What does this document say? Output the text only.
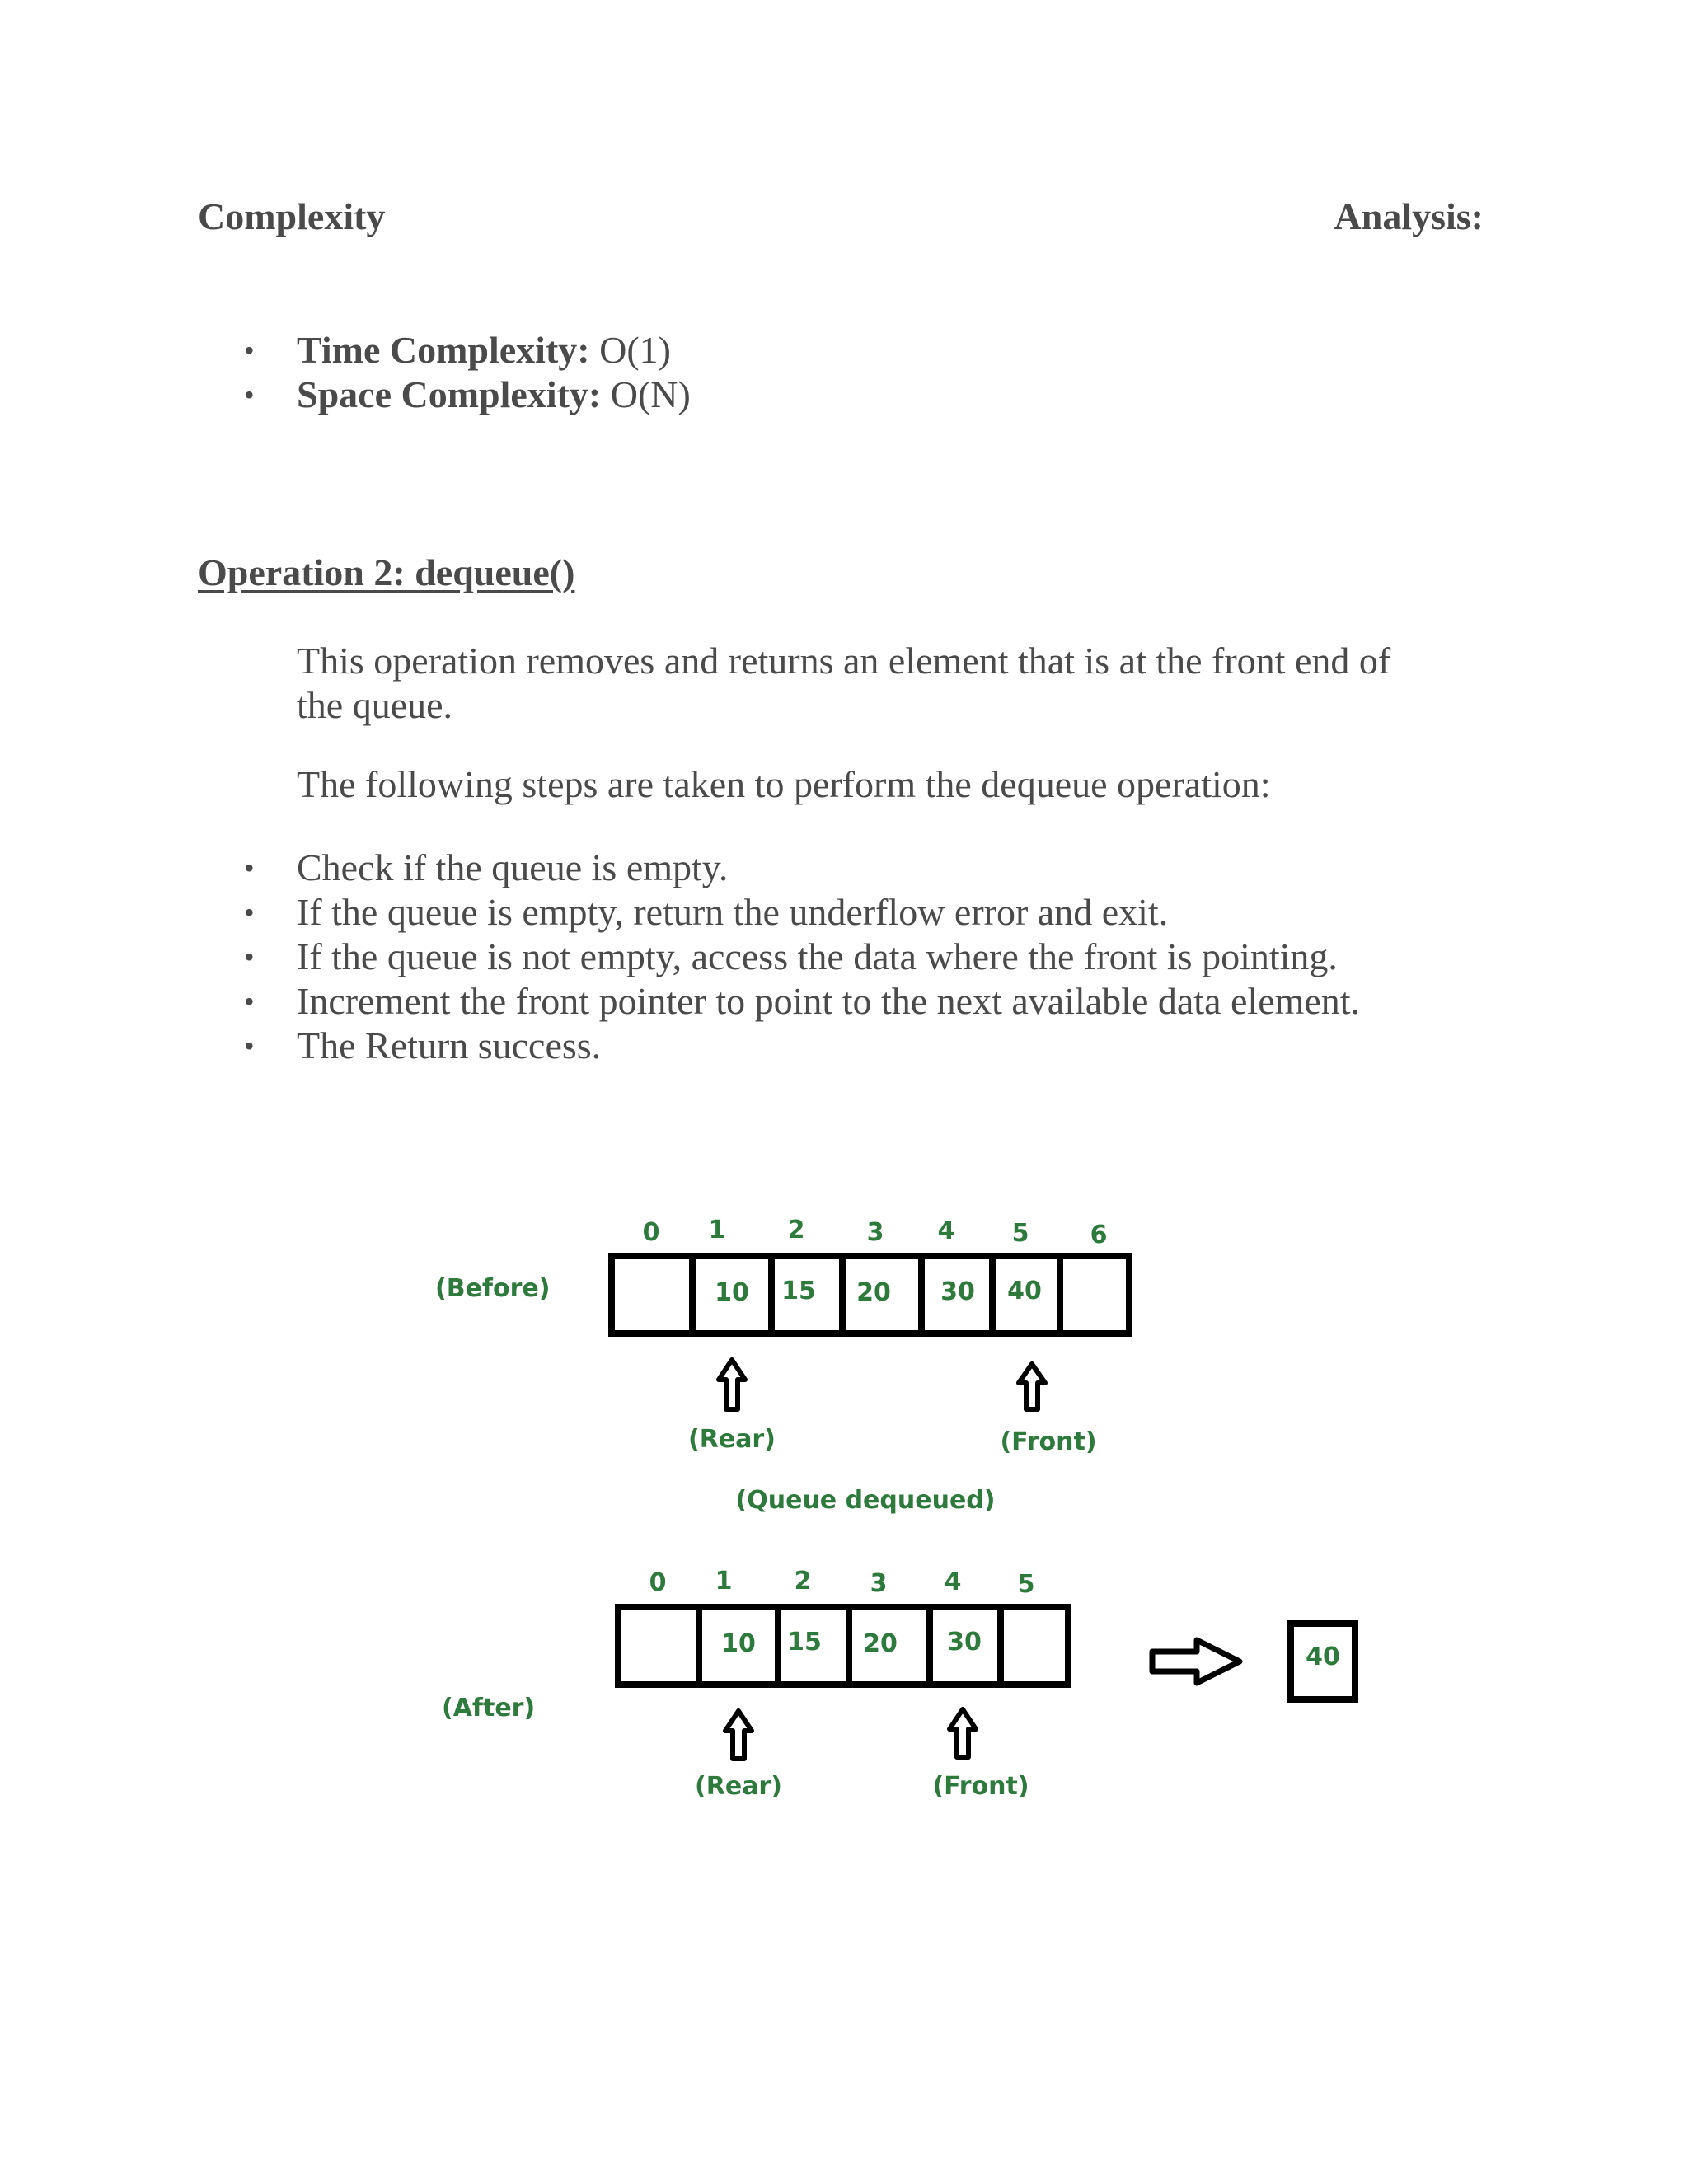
Complexity	Analysis:
• Time Complexity: O(1)
• Space Complexity: O(N)
Operation 2: dequeue()
This operation removes and returns an element that is at the front end of the queue.
The following steps are taken to perform the dequeue operation:
• Check if the queue is empty.
• If the queue is empty, return the underflow error and exit.
• If the queue is not empty, access the data where the front is pointing.
• Increment the front pointer to point to the next available data element.
• The Return success.
(Before)
0 1	2	3 4 5 6
10 15 20 30 40
(Rear)	(Front)
(Queue dequeued)
(After)
0 1	2 3 4 5
10 15 20 30
(Rear)	(Front)
40
